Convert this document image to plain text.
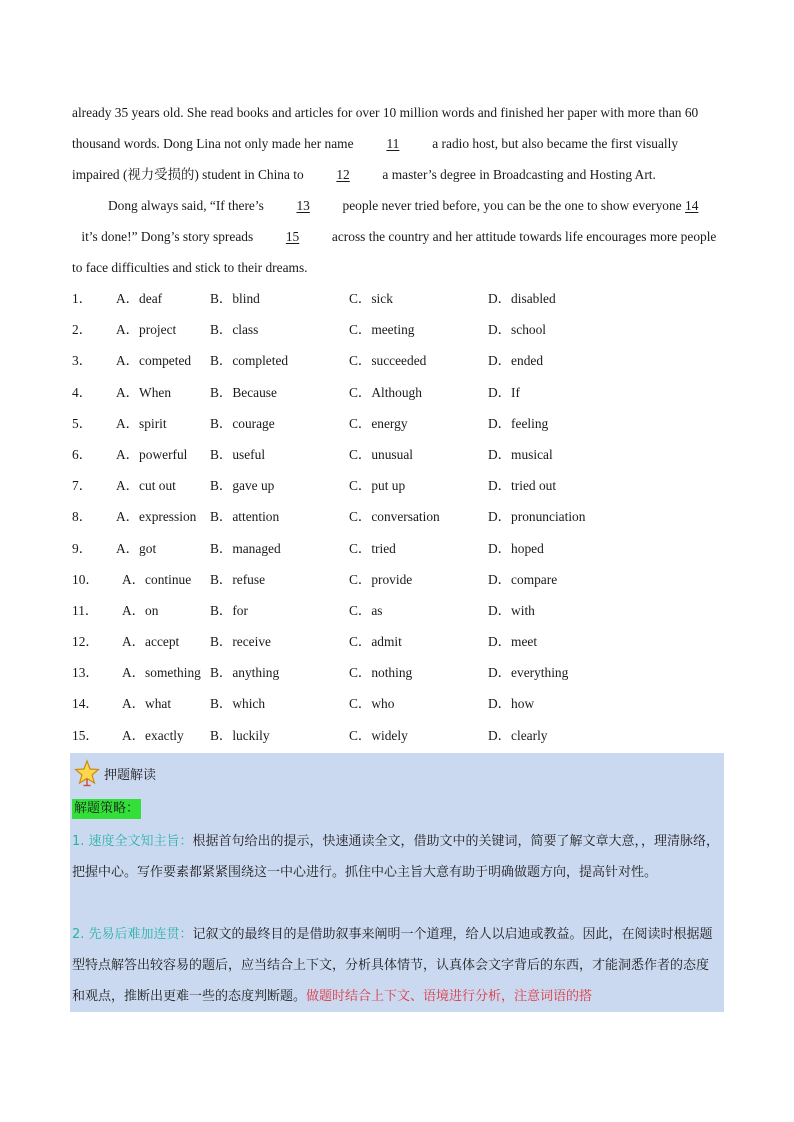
already 35 years old. She read books and articles for over 10 million words and finished her paper with more than 60 thousand words. Dong Lina not only made her name 11 a radio host, but also became the first visually impaired (视力受损的) student in China to 12 a master’s degree in Broadcasting and Hosting Art.
Dong always said, “If there’s 13 people never tried before, you can be the one to show everyone 14 it’s done!” Dong’s story spreads 15 across the country and her attitude towards life encourages more people to face difficulties and stick to their dreams.
1． A．deaf	B．blind	C．sick	D．disabled
2． A．project	B．class	C．meeting	D．school
3． A．competed B．completed	C．succeeded	D．ended
4． A．When	B．Because	C．Although	D．If
5． A．spirit	B．courage	C．energy	D．feeling
6． A．powerful B．useful	C．unusual	D．musical
7． A．cut out	B．gave up	C．put up	D．tried out
8． A．expression B．attention	C．conversation	D．pronunciation
9． A．got	B．managed	C．tried	D．hoped
10． A．continue B．refuse	C．provide	D．compare
11． A．on	B．for	C．as	D．with
12． A．accept B．receive	C．admit	D．meet
13． A．something B．anything	C．nothing	D．everything
14． A．what	B．which	C．who	D．how
15． A．exactly B．luckily	C．widely	D．clearly
押题解读
解题策略：
1. 速度全文知主旨：根据首句给出的提示，快速通读全文，借助文中的关键词，简要了解文章大意，，理清脉络，把握中心。写作要素都紧紧围绕这一中心进行。抓住中心主旨大意有助于明确做题方向，提高针对性。
2. 先易后难加连贯：记叙文的最终目的是借助叙事来阐明一个道理，给人以启迪或教益。因此，在阅读时根据题型特点解答出较容易的题后，应当结合上下文，分析具体情节，认真体会文字背后的东西，才能洞悉作者的态度和观点，推断出更难一些的态度判断题。做题时结合上下文、语境进行分析，注意词语的搭
